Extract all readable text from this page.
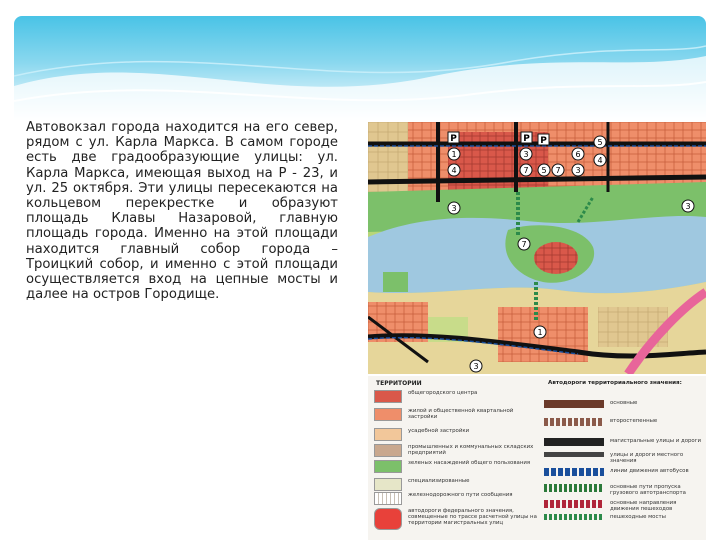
Автовокзал города находится на его север, рядом с ул. Карла Маркса. В самом городе есть две градообразующие улицы: ул. Карла Маркса, имеющая выход на Р - 23, и ул. 25 октября. Эти улицы пересекаются на кольцевом перекрестке и образуют площадь Клавы Назаровой, главную площадь города. Именно на этой площади находится главный собор города – Троицкий собор, и именно с этой площади осуществляется вход на цепные мосты и далее на остров Городище.

P
1
4
P
3
7
P
5 7
6
3
5
4
3	3
7
1
3
ТЕРРИТОРИИ	Автодороги территориального значения:
общегородского центра
жилой и общественной квартальной застройки
усадебной застройки
промышленных и коммунальных складских предприятий
зеленых насаждений общего пользования
специализированные
железнодорожного пути сообщения
автодороги федерального значения, совмещенные по трассе расчетной улицы на территории магистральных улиц
основные
второстепенные
магистральные улицы и дороги
улицы и дороги местного значения
линии движения автобусов
основные пути пропуска грузового автотранспорта
основные направления движения пешеходов
пешеходные мосты
